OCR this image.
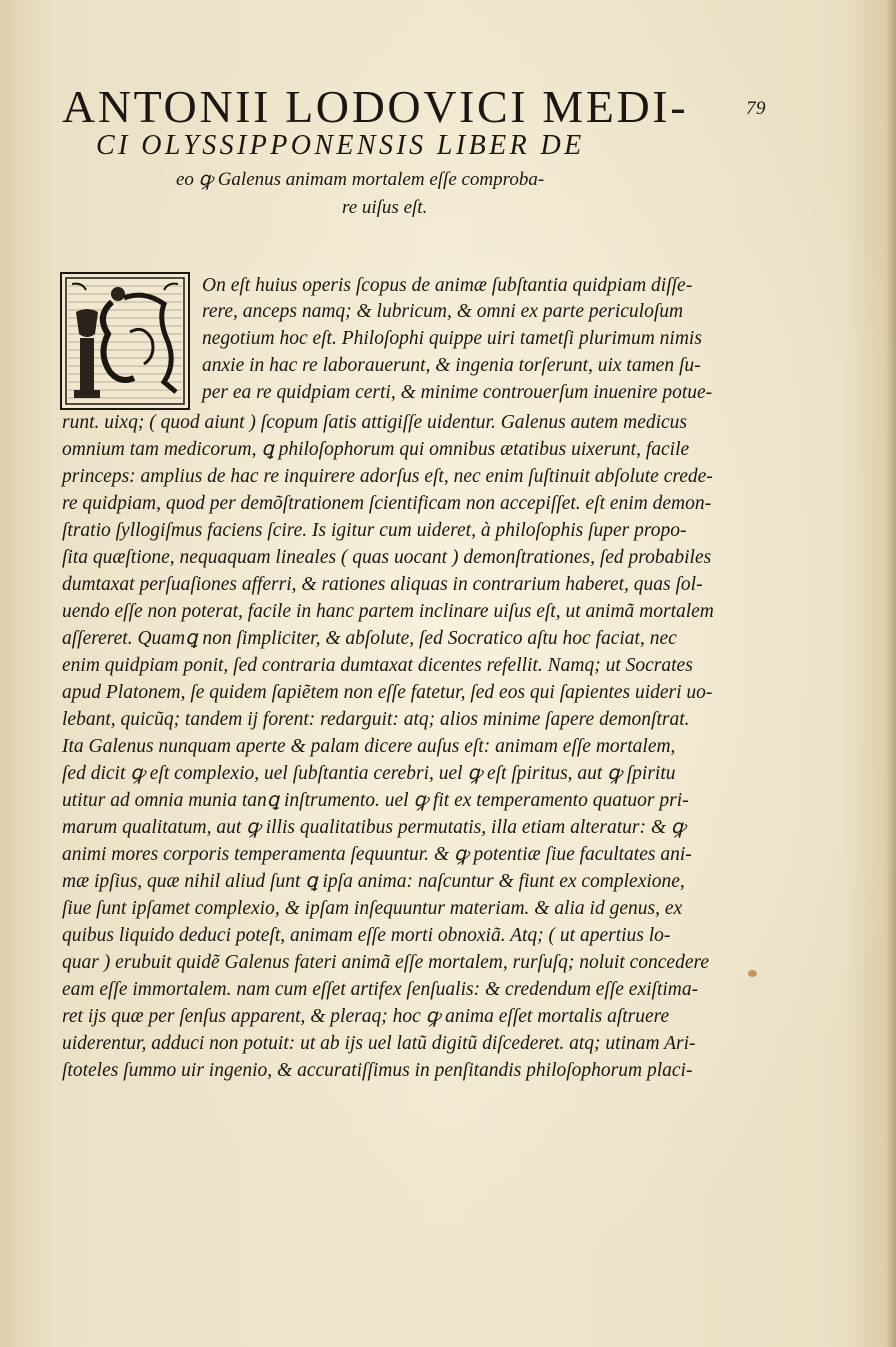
79
ANTONII LODOVICI MEDI-
CI OLYSSIPPONENSIS LIBER DE
eo ꝙ Galenus animam mortalem eſſe comproba-
re uiſus eſt.
On eſt huius operis ſcopus de animæ ſubſtantia quidpiam diſſe-
rere, anceps namq; & lubricum, & omni ex parte periculoſum
negotium hoc eſt. Philoſophi quippe uiri tametſi plurimum nimis
anxie in hac re laborauerunt, & ingenia torſerunt, uix tamen ſu-
per ea re quidpiam certi, & minime controuerſum inuenire potue-
runt. uixq; ( quod aiunt ) ſcopum ſatis attigiſſe uidentur. Galenus autem medicus
omnium tam medicorum, ꝗ philoſophorum qui omnibus ætatibus uixerunt, facile
princeps: amplius de hac re inquirere adorſus eſt, nec enim ſuſtinuit abſolute crede-
re quidpiam, quod per demõſtrationem ſcientificam non accepiſſet. eſt enim demon-
ſtratio ſyllogiſmus faciens ſcire. Is igitur cum uideret, à philoſophis ſuper propo-
ſita quæſtione, nequaquam lineales ( quas uocant ) demonſtrationes, ſed probabiles
dumtaxat perſuaſiones afferri, & rationes aliquas in contrarium haberet, quas ſol-
uendo eſſe non poterat, facile in hanc partem inclinare uiſus eſt, ut animã mortalem
aſſereret. Quamꝗ non ſimpliciter, & abſolute, ſed Socratico aſtu hoc faciat, nec
enim quidpiam ponit, ſed contraria dumtaxat dicentes refellit. Namq; ut Socrates
apud Platonem, ſe quidem ſapiẽtem non eſſe fatetur, ſed eos qui ſapientes uideri uo-
lebant, quicũq; tandem ij forent: redarguit: atq; alios minime ſapere demonſtrat.
Ita Galenus nunquam aperte & palam dicere auſus eſt: animam eſſe mortalem,
ſed dicit ꝙ eſt complexio, uel ſubſtantia cerebri, uel ꝙ eſt ſpiritus, aut ꝙ ſpiritu
utitur ad omnia munia tanꝗ inſtrumento. uel ꝙ fit ex temperamento quatuor pri-
marum qualitatum, aut ꝙ illis qualitatibus permutatis, illa etiam alteratur: & ꝙ
animi mores corporis temperamenta ſequuntur. & ꝙ potentiæ ſiue facultates ani-
mæ ipſius, quæ nihil aliud ſunt ꝗ ipſa anima: naſcuntur & fiunt ex complexione,
ſiue ſunt ipſamet complexio, & ipſam inſequuntur materiam. & alia id genus, ex
quibus liquido deduci poteſt, animam eſſe morti obnoxiã. Atq; ( ut apertius lo-
quar ) erubuit quidẽ Galenus fateri animã eſſe mortalem, rurſuſq; noluit concedere
eam eſſe immortalem. nam cum eſſet artifex ſenſualis: & credendum eſſe exiſtima-
ret ijs quæ per ſenſus apparent, & pleraq; hoc ꝙ anima eſſet mortalis aſtruere
uiderentur, adduci non potuit: ut ab ijs uel latũ digitũ diſcederet. atq; utinam Ari-
ſtoteles ſummo uir ingenio, & accuratiſſimus in penſitandis philoſophorum placi-
